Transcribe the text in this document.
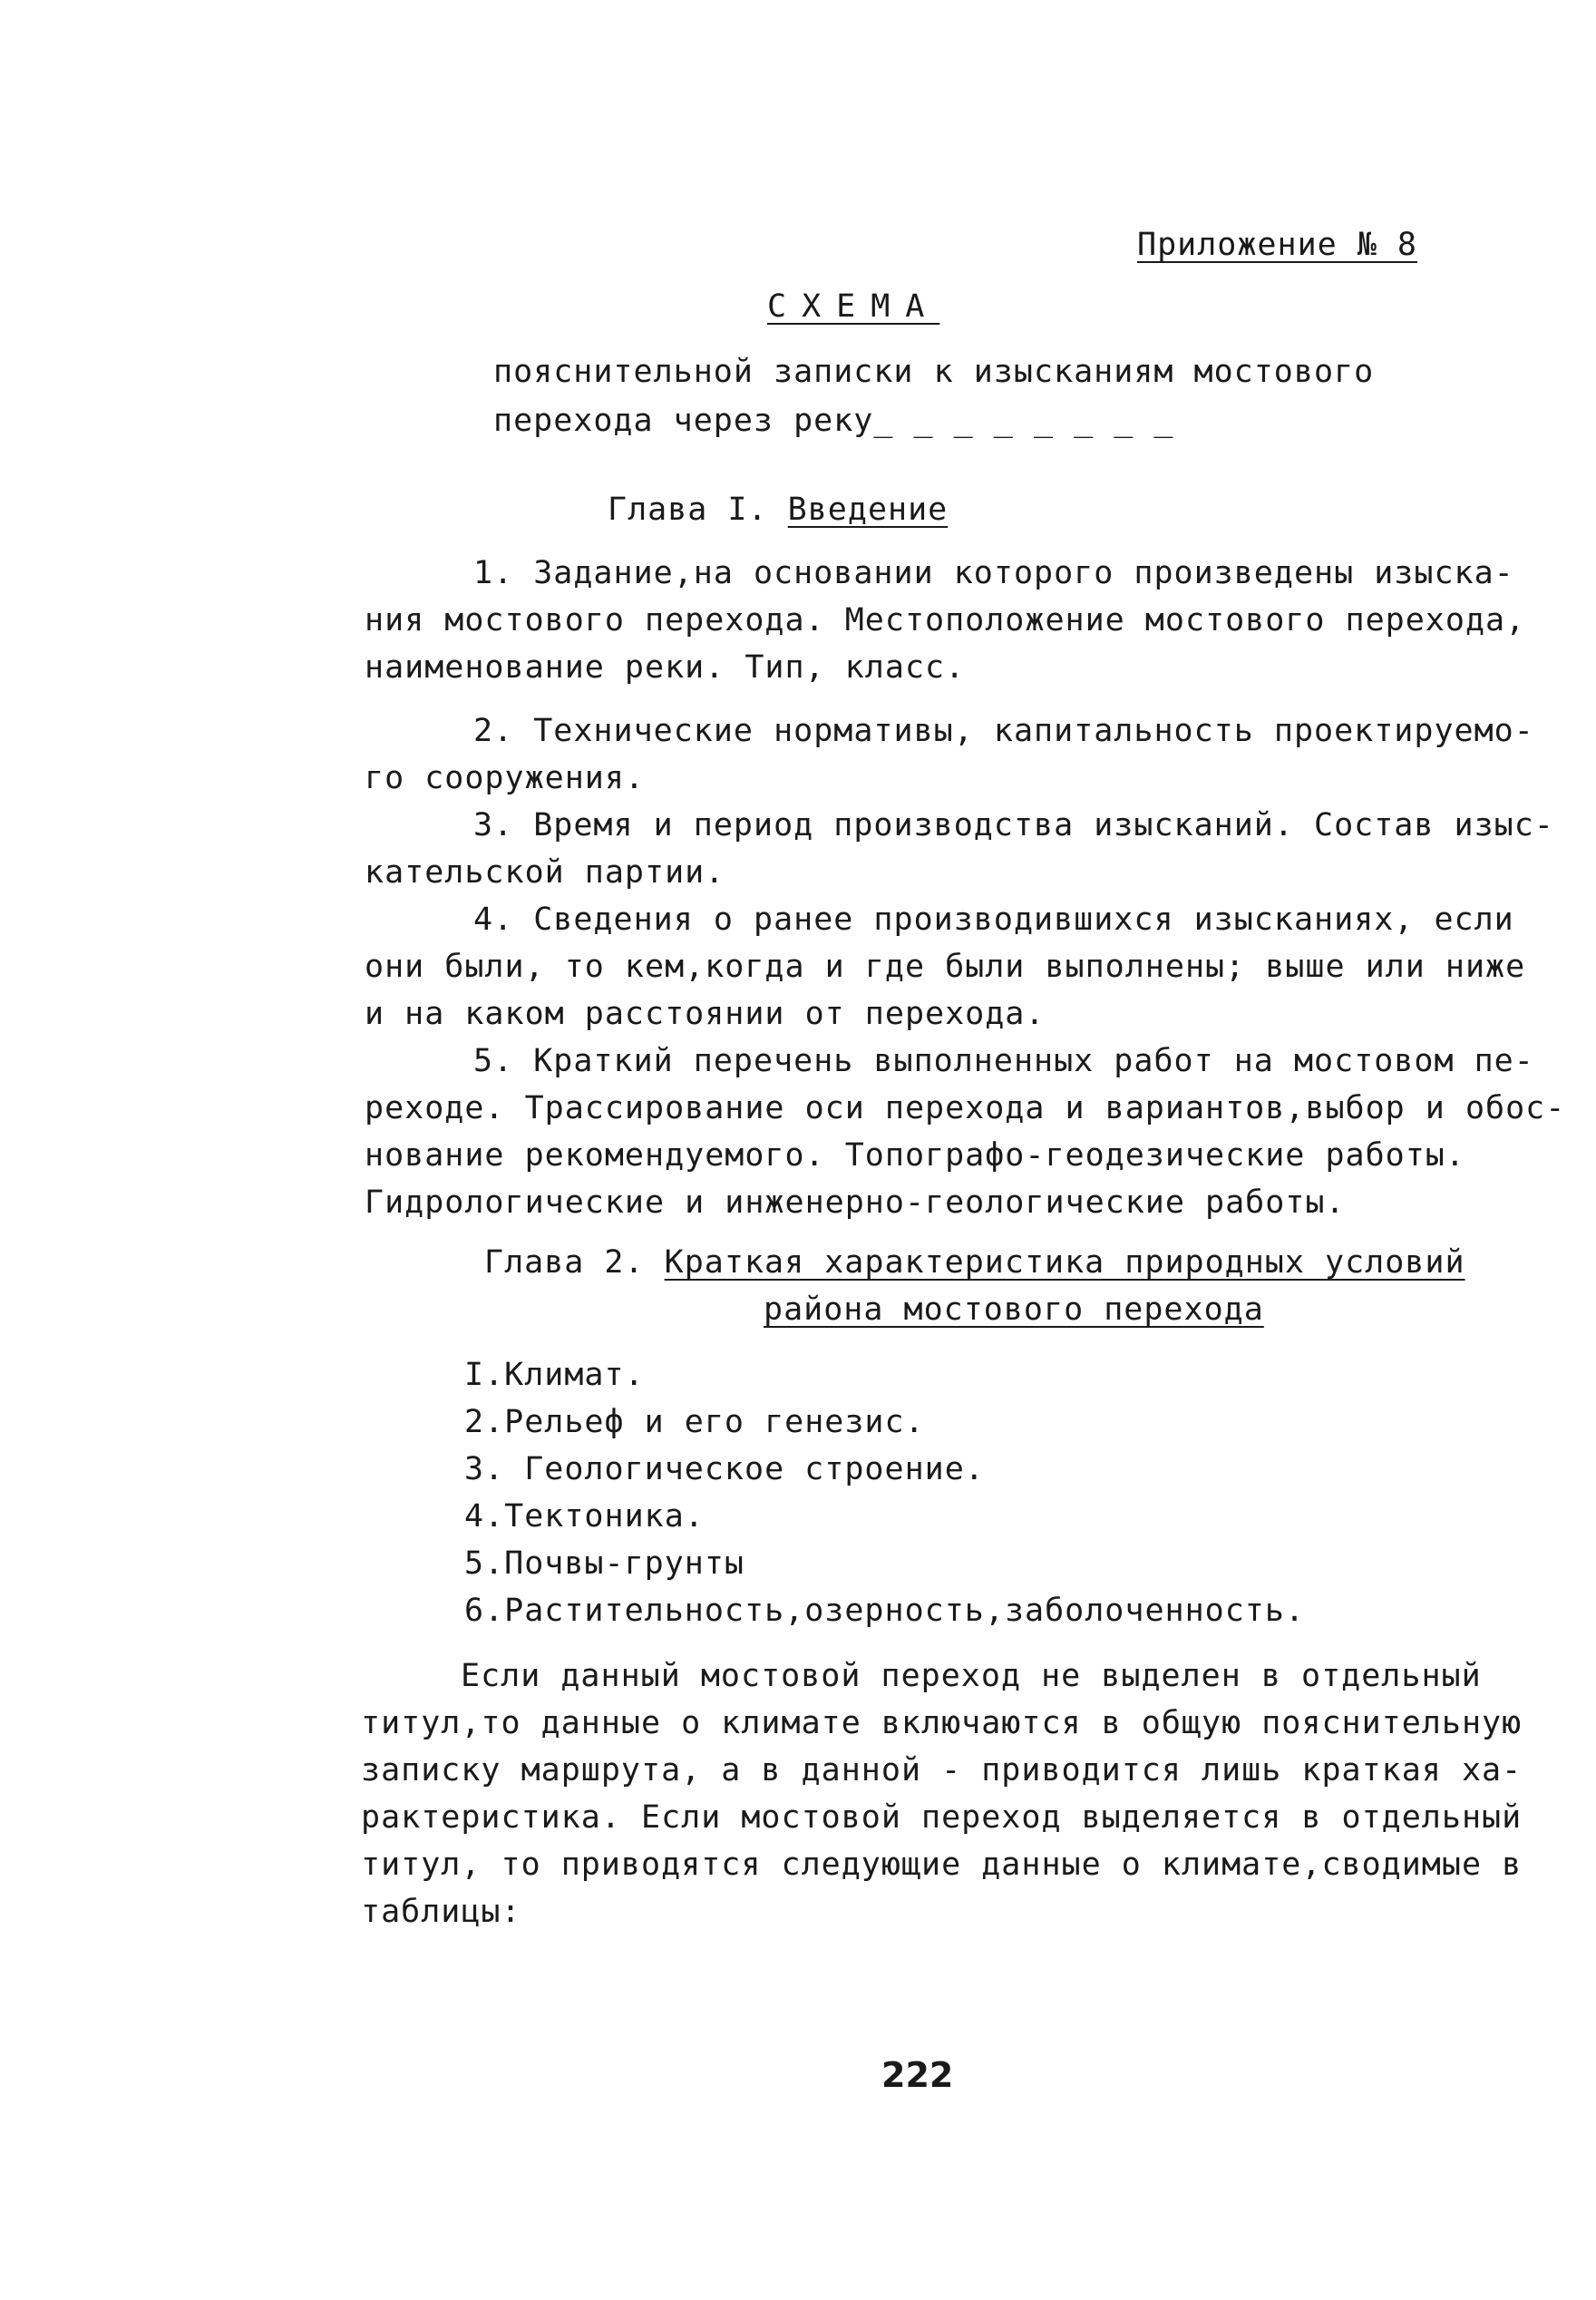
Приложение № 8
СХЕМА
пояснительной записки к изысканиям мостового
перехода через реку_ _ _ _ _ _ _ _
Глава I. Введение
1. Задание,на основании которого произведены изыска-
ния мостового перехода. Местоположение мостового перехода,
наименование реки. Тип, класс.
2. Технические нормативы, капитальность проектируемо-
го сооружения.
3. Время и период производства изысканий. Состав изыс-
кательской партии.
4. Сведения о ранее производившихся изысканиях, если
они были, то кем,когда и где были выполнены; выше или ниже
и на каком расстоянии от перехода.
5. Краткий перечень выполненных работ на мостовом пе-
реходе. Трассирование оси перехода и вариантов,выбор и обос-
нование рекомендуемого. Топографо-геодезические работы.
Гидрологические и инженерно-геологические работы.
Глава 2. Краткая характеристика природных условий
района мостового перехода
I.Климат.
2.Рельеф и его генезис.
3. Геологическое строение.
4.Тектоника.
5.Почвы-грунты
6.Растительность,озерность,заболоченность.
Если данный мостовой переход не выделен в отдельный
титул,то данные о климате включаются в общую пояснительную
записку маршрута, а в данной - приводится лишь краткая ха-
рактеристика. Если мостовой переход выделяется в отдельный
титул, то приводятся следующие данные о климате,сводимые в
таблицы:
222
